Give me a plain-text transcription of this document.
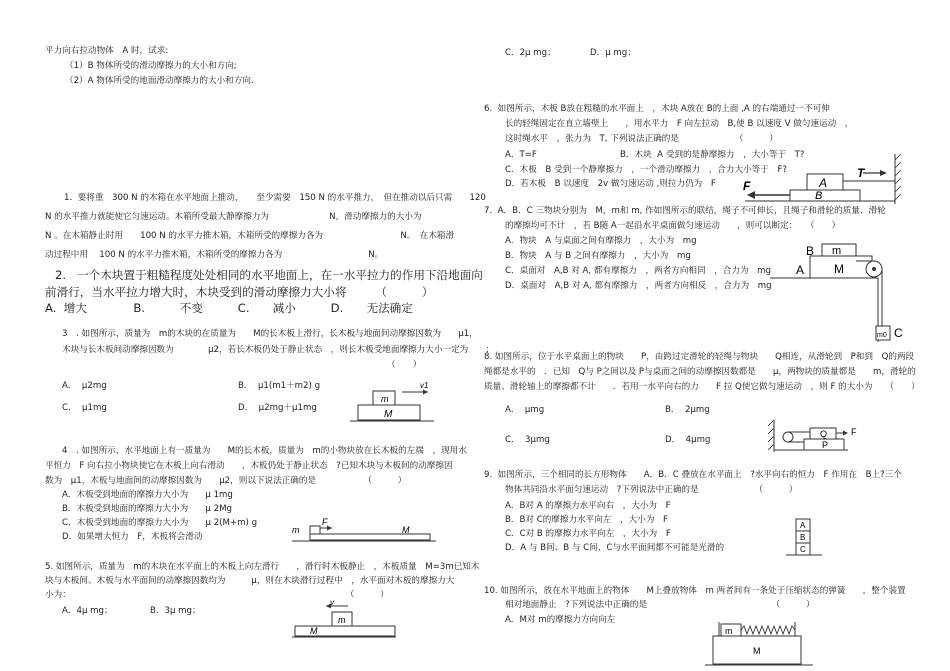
平力向右拉动物体　A 时，试求:
（1）B 物体所受的滑动摩擦力的大小和方向;
（2）A 物体所受的地面滑动摩擦力的大小和方向.
1.  要将重　300 N 的木箱在水平地面上推动，　　至少需要　150 N 的水平推力，　但在推动以后只需　　120
N 的水平推力就能使它匀速运动。木箱所受最大静摩擦力为　　　　　　　N，滑动摩擦力的大小为
N 。在木箱静止时用　　100 N 的水平力推木箱，木箱所受的摩擦力各为　　　　　　　　　N。　在木箱滑
动过程中用　 100 N 的水平力推木箱，木箱所受的摩擦力各为　　　　　　　　　　N。
2.   一个木块置于粗糙程度处处相同的水平地面上，在一水平拉力的作用下沿地面向
前滑行，当水平拉力增大时，木块受到的滑动摩擦力大小将　　　（　　　）
A.  增大　　　　B.　　　不变　　　C.　　减小　　　D.　　无法确定
3　. 如图所示，质量为　m的木块的在质量为　　M的长木板上滑行，长木板与地面间动摩擦因数为　　μ1，
木块与长木板间动摩擦因数为　　　　μ2，若长木板仍处于静止状态　，则长木板受地面摩擦力大小一定为　　；
（　　）
A．  μ2mg	B．  μ1(m1＋m2) g
C．  μ1mg	D．  μ2mg＋μ1mg
m
M
v1
4　. 如图所示，水平地面上有一质量为　　M的长木板，质量为　m的小物块放在长木板的左端　，现用水
平恒力　F 向右拉小物块使它在木板上向右滑动　　，木板仍处于静止状态　?已知木块与木板间的动摩擦因
数为　μ1，木板与地面间的动摩擦因数为　　μ2，则以下说法正确的是　　　　　　（　　　）
A．木板受到地面的摩擦力大小为　　μ 1mg
B．木板受到地面的摩擦力大小为　　μ 2Mg
C．木板受到地面的摩擦力大小为　　μ 2(M+m) g
D．如果增大恒力　F，木板将会滑动
m
F
M
5. 如图所示，质量为　m的木块在水平面上的木板上向左滑行　　，滑行时木板静止　，木板质量　M=3m已知木
块与木板间、木板与水平面间的动摩擦因数均为　　　μ，则在木块滑行过程中　，水平面对木板的摩擦力大
小为：　　　　　　　　　　　　　　　　　　　　　　　　　　　　　　　　　（　　　）
A．4μ mg；	B．3μ mg；
v
m
M
C．2μ mg；	D．μ mg；
6.  如图所示，木板 B放在粗糙的水平面上　，木块 A放在 B的上面 ,A 的右端通过一不可伸
长的轻绳固定在直立墙壁上　　，用水平力　F 向左拉动　B,使 B 以速度 V 做匀速运动　，
这时绳水平　，张力为　T, 下列说法正确的是　　　　　　　（　　　）
A．T=F	B．木块  A 受到的是静摩擦力　，大小等于　T?
C．木板　B 受到一个静摩擦力　，一个滑动摩擦力　，合力大小等于　F?
D．若木板　B 以速度　2v 做匀速运动 ,则拉力仍为　F	A
B
T
F
7.  A．B．C 三物块分别为　M，m和 m, 作如图所示的联结，绳子不可伸长，且绳子和滑轮的质量、滑轮
的摩擦均可不计　，若 B随 A一起沿水平桌面做匀速运动　　，则可以断定：　　（　　）
A．物块　A 与桌面之间有摩擦力　，大小为　mg
B．物块　A 与 B 之间有摩擦力　，大小为　mg
C．桌面对　A,B 对 A, 都有摩擦力　，两者方向相同　，合力为　mg
D．桌面对　A,B 对 A, 都有摩擦力　，两者方向相反　，合力为　mg
B m
A M
m0 C
8. 如图所示，位于水平桌面上的物块　　P，由跨过定滑轮的轻绳与物块　　Q相连，从滑轮到　P和到　Q的两段
绳都是水平的　．已知　Q与 P之间以及 P与桌面之间的动摩擦因数都是　　μ，两物块的质量都是　　m，滑轮的
质量、滑轮轴上的摩擦都不计　　．若用一水平向右的力　　F 拉 Q使它做匀速运动　，则 F 的大小为　　（　　）
A．  μmg	B．  2μmg
C．  3μmg	D．  4μmg
Q
P
F
9.  如图所示，三个相同的长方形物体　　A．B．C 叠放在水平面上　?水平向右的恒力　F 作用在　B上?三个
物体共同沿水平面匀速运动　?下列说法中正确的是　　　　　　　（　　　）
A．B对 A 的摩擦力水平向右　，大小为　F
B．B对 C的摩擦力水平向左　，大小为　F
C．C对 B 的摩擦力水平向左　，大小为　F
D．A 与 B间、B 与 C间、C与水平面间都不可能是光滑的
A
B
C
10. 如图所示，放在水平地面上的物体　　M上叠放物体　m 两者间有一条处于压缩状态的弹簧　　，整个装置
相对地面静止　?下列说法中正确的是　　　　　　　　　　　　　　　（　　　）
A．M对 m的摩擦力方向向左
m
M
